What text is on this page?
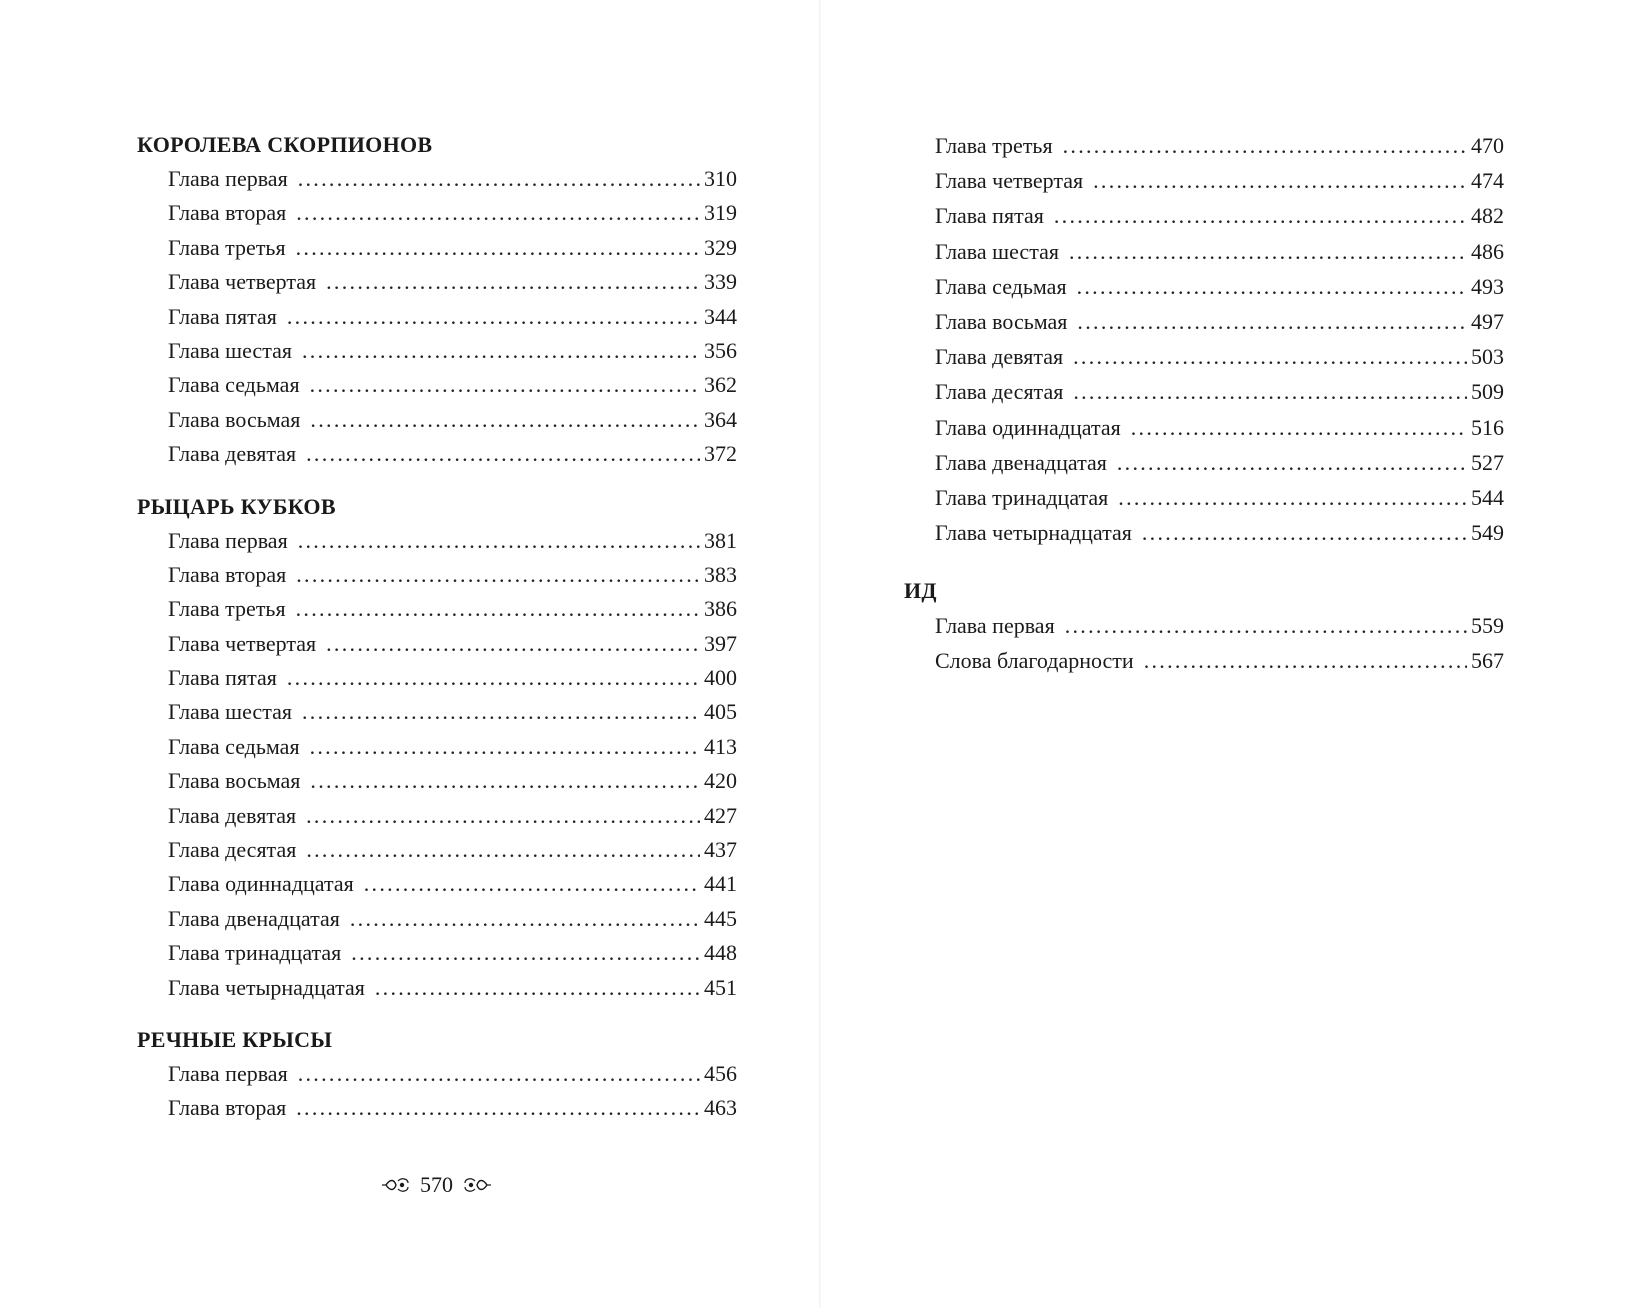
КОРОЛЕВА СКОРПИОНОВ
Глава первая . . .	310
Глава вторая . . .	319
Глава третья . . .	329
Глава четвертая . . .	339
Глава пятая . . .	344
Глава шестая . . .	356
Глава седьмая . . .	362
Глава восьмая . . .	364
Глава девятая . . .	372
РЫЦАРЬ КУБКОВ
Глава первая . . .	381
Глава вторая . . .	383
Глава третья . . .	386
Глава четвертая . . .	397
Глава пятая . . .	400
Глава шестая . . .	405
Глава седьмая . . .	413
Глава восьмая . . .	420
Глава девятая . . .	427
Глава десятая . . .	437
Глава одиннадцатая . . .	441
Глава двенадцатая . . .	445
Глава тринадцатая . . .	448
Глава четырнадцатая . . .	451
РЕЧНЫЕ КРЫСЫ
Глава первая . . .	456
Глава вторая . . .	463
570
Глава третья . . .	470
Глава четвертая . . .	474
Глава пятая . . .	482
Глава шестая . . .	486
Глава седьмая . . .	493
Глава восьмая . . .	497
Глава девятая . . .	503
Глава десятая . . .	509
Глава одиннадцатая . . .	516
Глава двенадцатая . . .	527
Глава тринадцатая . . .	544
Глава четырнадцатая . . .	549
ИД
Глава первая . . .	559
Слова благодарности . . .	567
